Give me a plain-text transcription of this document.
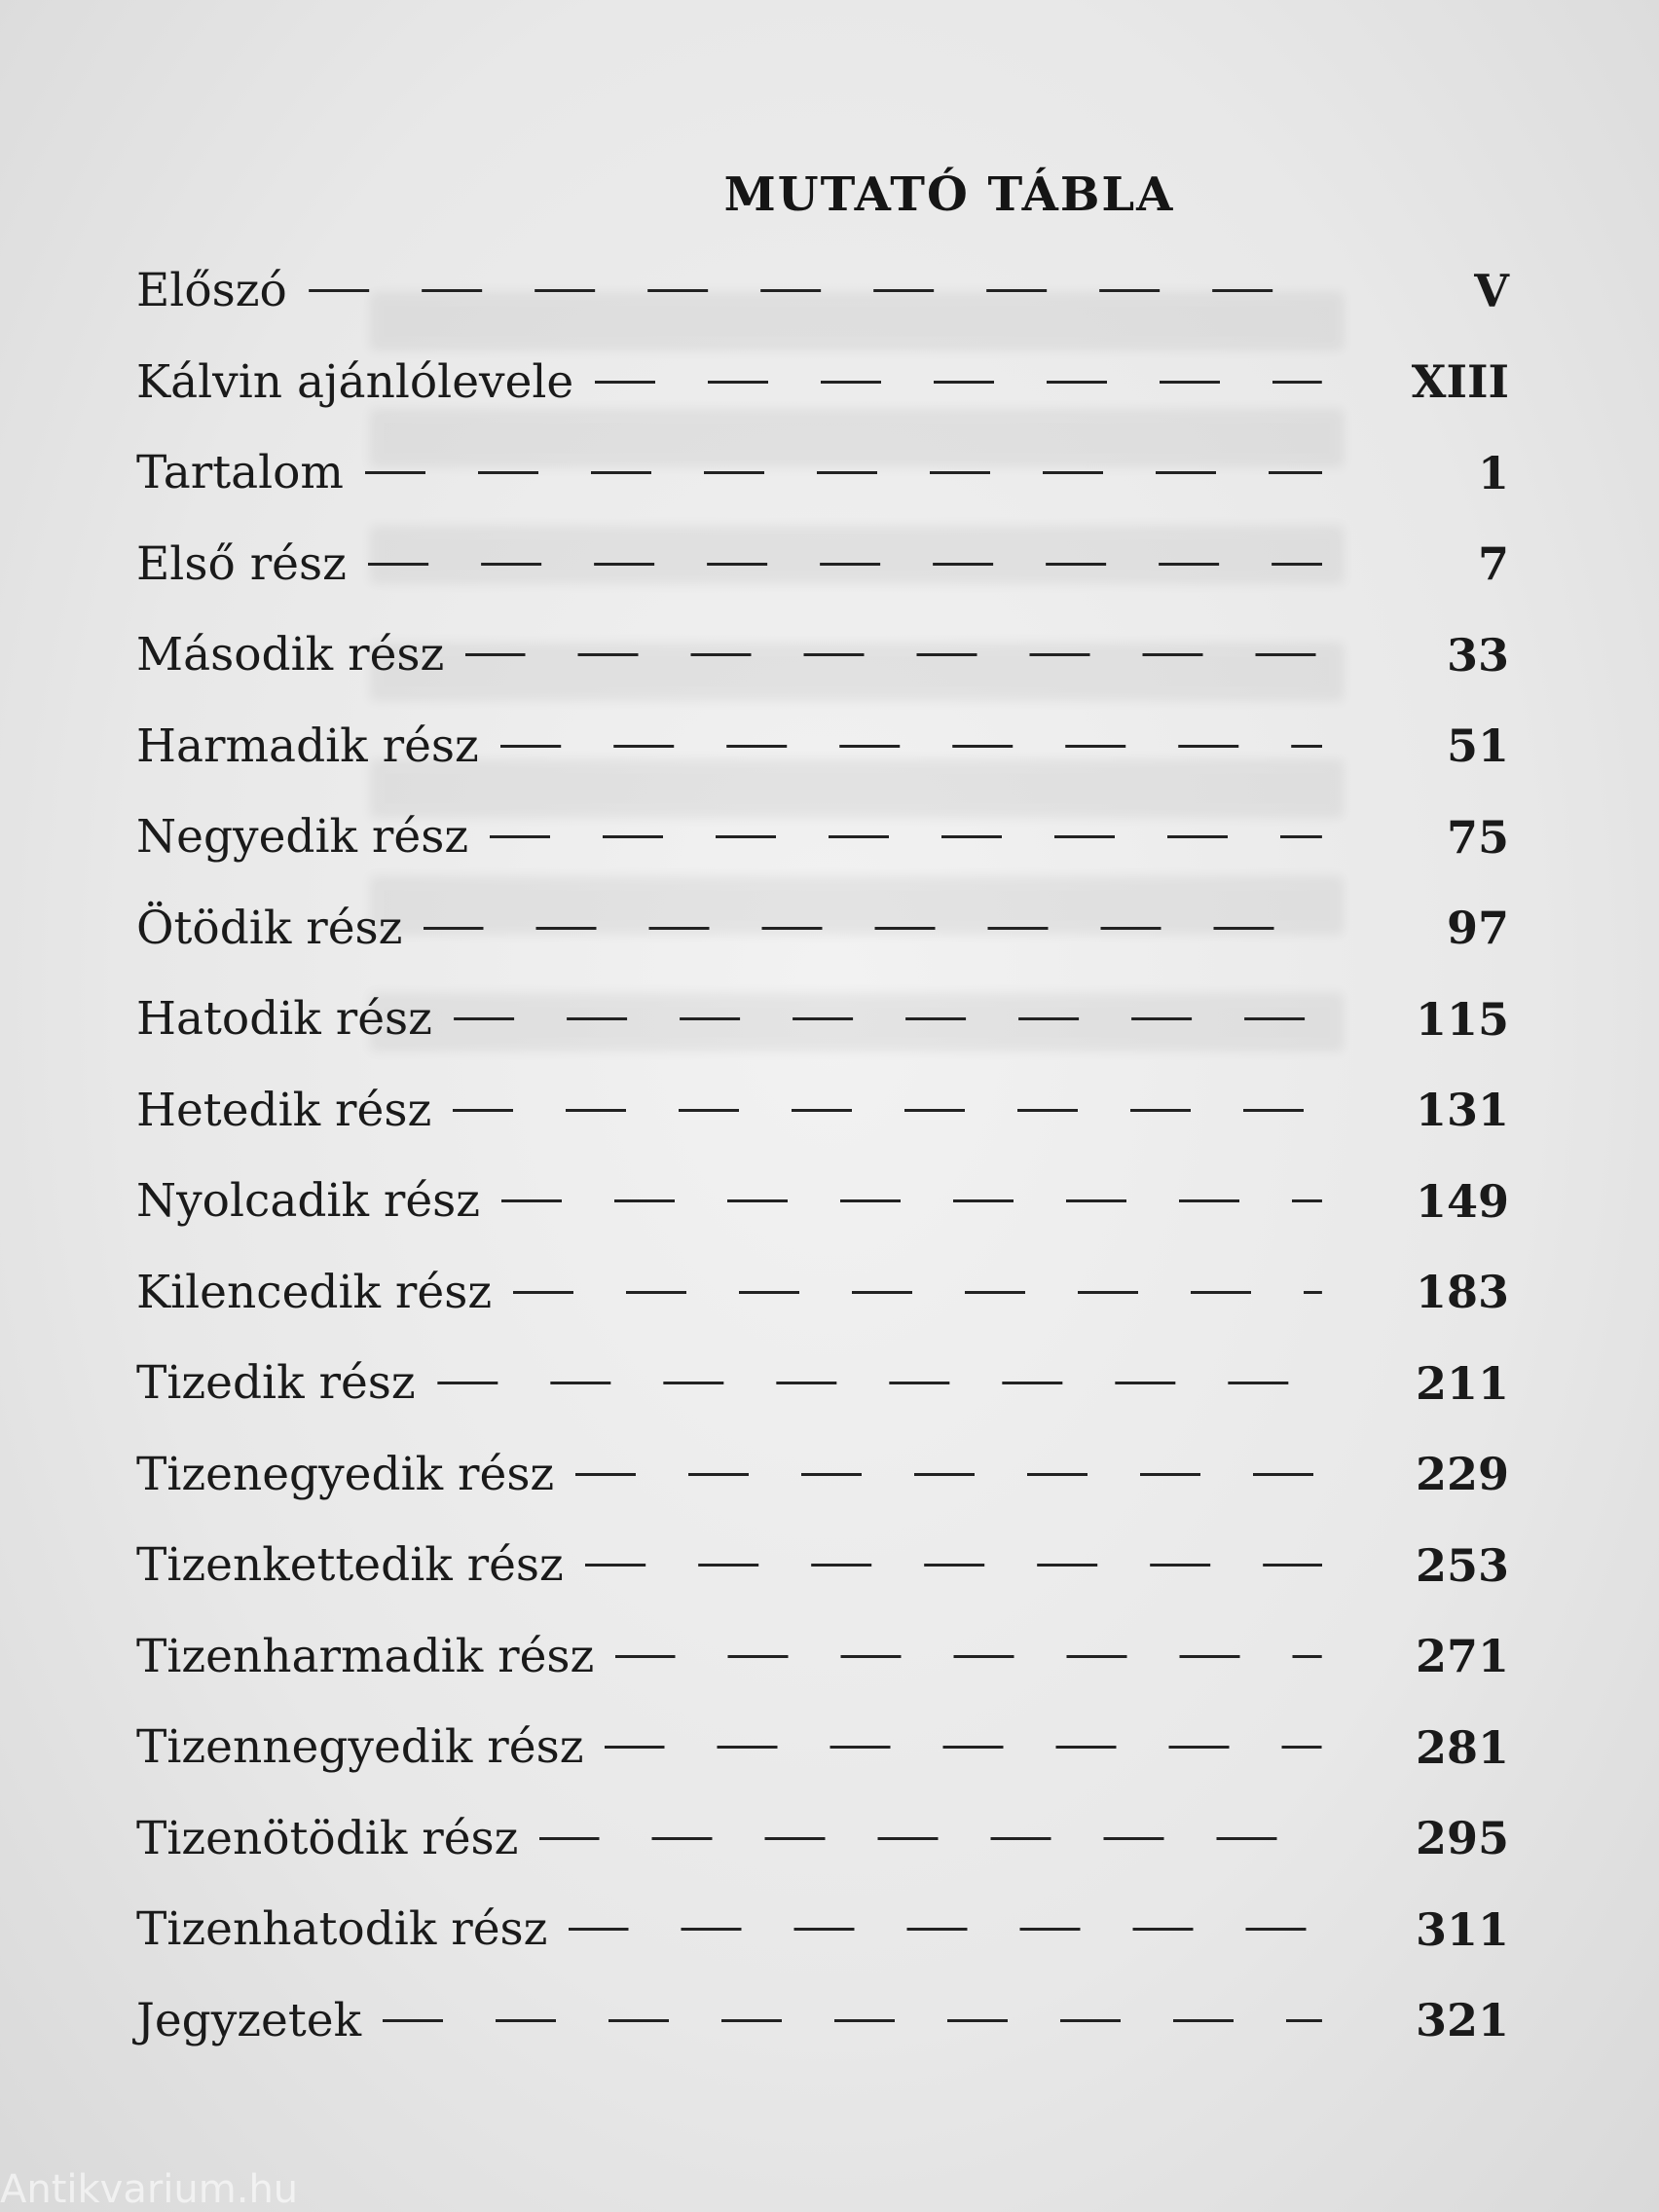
MUTATÓ TÁBLA
Előszó	V
Kálvin ajánlólevele	XIII
Tartalom	1
Első rész	7
Második rész	33
Harmadik rész	51
Negyedik rész	75
Ötödik rész	97
Hatodik rész	115
Hetedik rész	131
Nyolcadik rész	149
Kilencedik rész	183
Tizedik rész	211
Tizenegyedik rész	229
Tizenkettedik rész	253
Tizenharmadik rész	271
Tizennegyedik rész	281
Tizenötödik rész	295
Tizenhatodik rész	311
Jegyzetek	321
Antikvarium.hu
